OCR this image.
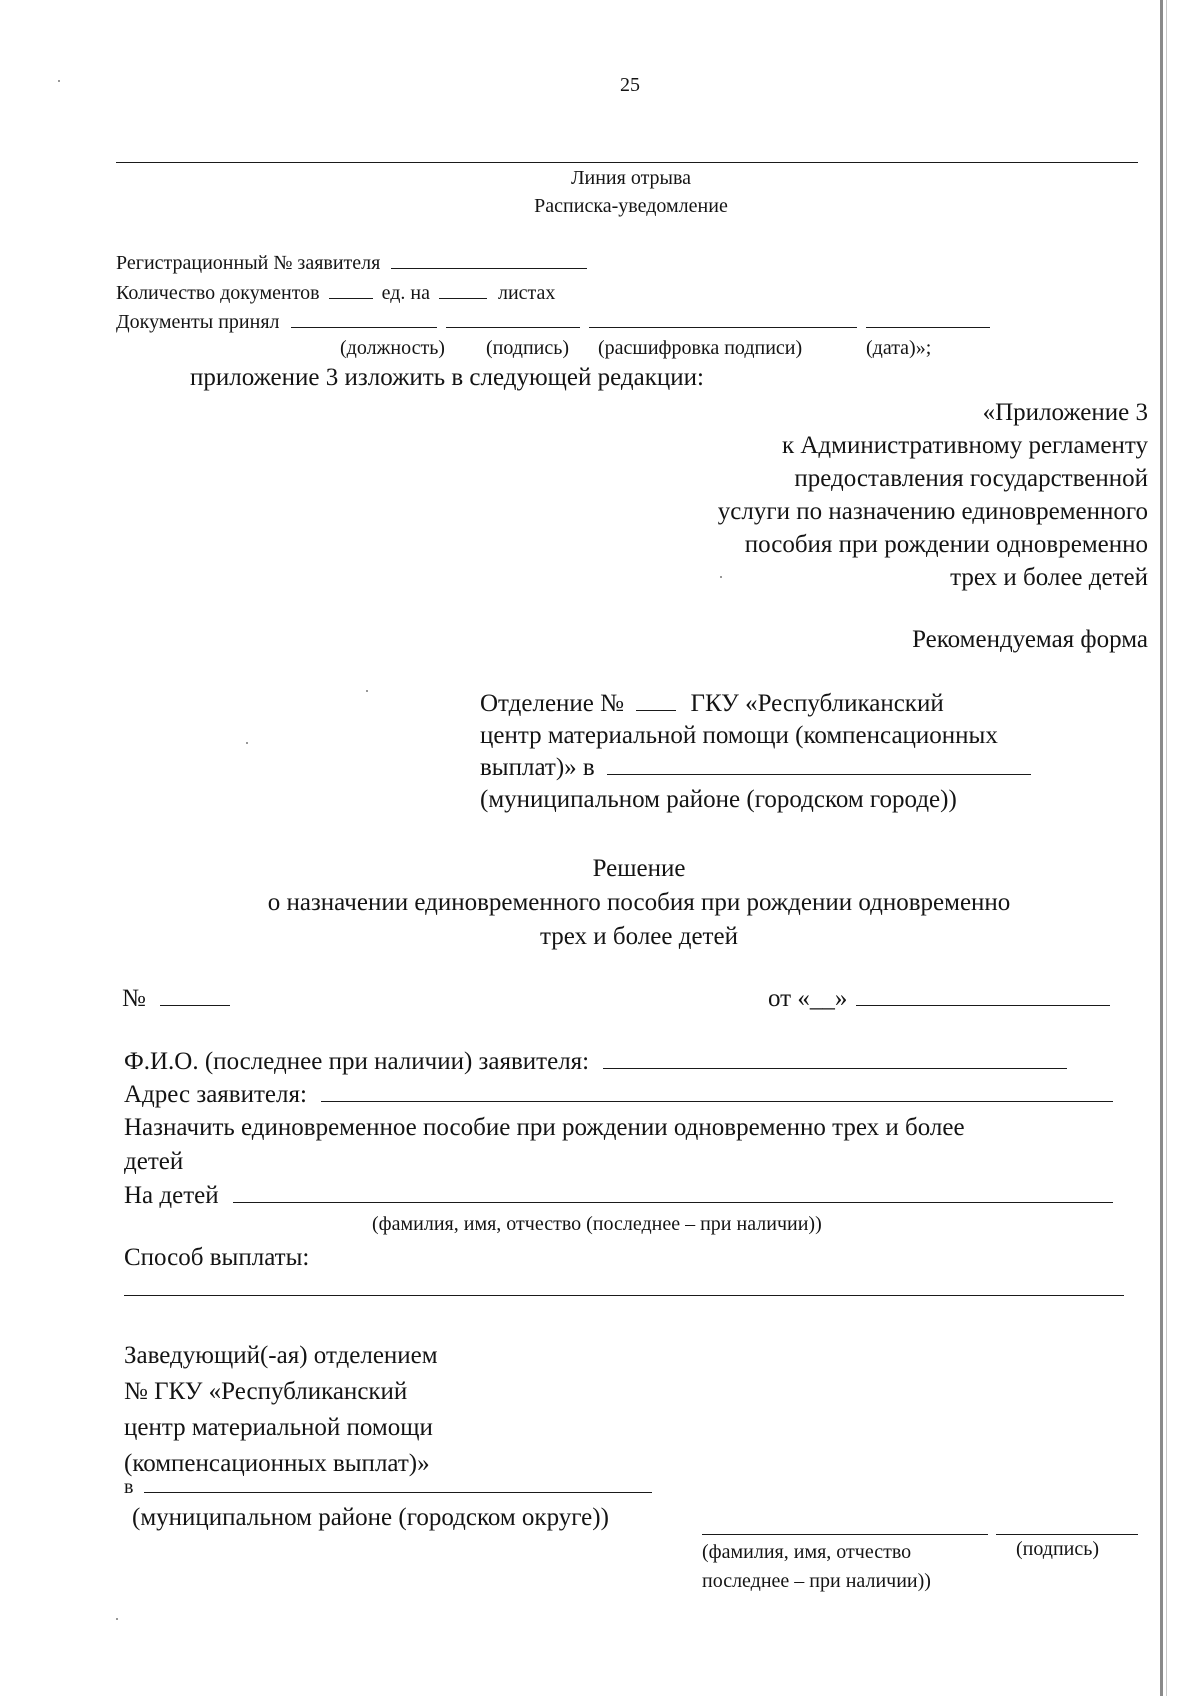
25
Линия отрыва
Расписка-уведомление
Регистрационный № заявителя
Количество документов	ед. на	листах
Документы принял
(должность) (подпись) (расшифровка подписи)	(дата)»;
приложение 3 изложить в следующей редакции:
«Приложение 3
к Административному регламенту
предоставления государственной
услуги по назначению единовременного
пособия при рождении одновременно
трех и более детей
Рекомендуемая форма
Отделение №	ГКУ «Республиканский
центр материальной помощи (компенсационных
выплат)» в
(муниципальном районе (городском городе))
Решение
о назначении единовременного пособия при рождении одновременно
трех и более детей
№	от «__»
Ф.И.О. (последнее при наличии) заявителя:
Адрес заявителя:
Назначить единовременное пособие при рождении одновременно трех и более
детей
На детей
(фамилия, имя, отчество (последнее – при наличии))
Способ выплаты:
Заведующий(-ая) отделением
№ ГКУ «Республиканский
центр материальной помощи
(компенсационных выплат)»
в
(муниципальном районе (городском округе))
(фамилия, имя, отчество
последнее – при наличии))
(подпись)
